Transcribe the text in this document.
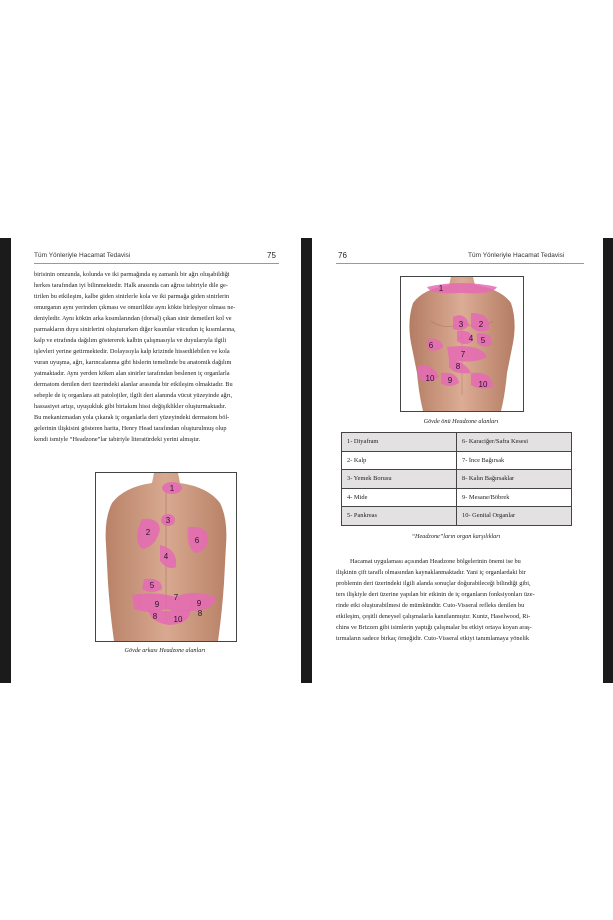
Tüm Yönleriyle Hacamat Tedavisi	75

birisinin omzunda, kolunda ve iki parmağında eş zamanlı bir ağrı oluşabildiği

herkes tarafından iyi bilinmektedir. Halk arasında can ağrısı tabiriyle dile ge-

tirilen bu etkileşim, kalbe giden sinirlerle kola ve iki parmağa giden sinirlerin

omurganın aynı yerinden çıkması ve omuriliktе aynı kökte birleşiyor olması ne-

deniyledir. Aynı kökün arka kısımlarından (dorsal) çıkan sinir demetleri kol ve

parmakların duyu sinirlerini oluştururken diğer kısımlar vücudun iç kısımlarına,

kalp ve etrafında dağılım göstererek kalbin çalışmasıyla ve duyularıyla ilgili

işlevleri yerine getirmektedir. Dolayısıyla kalp krizinde hissedilebilen ve kola

vuran uyuşma, ağrı, karıncalanma gibi hislerin temelinde bu anatomik dağılım

yatmaktadır. Aynı yerden köken alan sinirler tarafından beslenen iç organlarla

dermatom denilen deri üzerindeki alanlar arasında bir etkileşim olmaktadır. Bu

sebeple de iç organlara ait patolojiler, ilgili deri alanında vücut yüzeyinde ağrı,

hassasiyet artışı, uyuşukluk gibi birtakım hissi değişiklikler oluşturmaktadır.

Bu mekanizmadan yola çıkarak iç organlarla deri yüzeyindeki dermatom böl-

gelerinin ilişkisini gösteren harita, Henry Head tarafından oluşturulmuş olup

kendi ismiyle “Headzone”lar tabiriyle literatürdeki yerini almıştır.

1
3
2
6
4
5
7
9	9
8	8
10
Gövde arkası Headzone alanları
76	Tüm Yönleriyle Hacamat Tedavisi
1
2
3
4 5
6
7
8
10 9	10
Gövde önü Headzone alanları
1- Diyafram	6- Karaciğer/Safra Kesesi
2- Kalp	7- İnce Bağırsak
3- Yemek Borusu	8- Kalın Bağırsaklar
4- Mide	9- Mesane/Böbrek
5- Pankreas	10- Genital Organlar
“Headzone”ların organ karşılıkları

Hacamat uygulaması açısından Headzone bölgelerinin önemi ise bu

ilişkinin çift taraflı olmasından kaynaklanmaktadır. Yani iç organlardaki bir

problemin deri üzerindeki ilgili alanda sonuçlar doğurabileceği bilindiği gibi,

ters ilişkiyle deri üzerine yapılan bir etkinin de iç organların fonksiyonları üze-

rinde etki oluşturabilmesi de mümkündür. Cuto-Visseral refleks denilen bu

etkileşim, çeşitli deneysel çalışmalarla kanıtlanmıştır. Kuntz, Haselwood, Ri-

chins ve Brizzen gibi isimlerin yaptığı çalışmalar bu etkiyi ortaya koyan araş-

tırmaların sadece birkaç örneğidir. Cuto-Visseral etkiyi tanımlamaya yönelik
